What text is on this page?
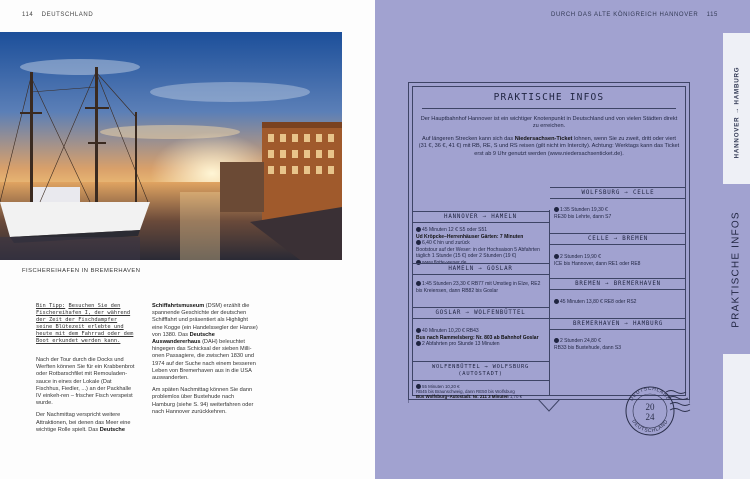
114 DEUTSCHLAND
FISCHEREIHAFEN IN BREMERHAVEN
Bin Tipp: Besuchen Sie den Fischereihafen I, der während der Zeit der Fischdampfer seine Blütezeit erlebte und heute mit dem Fahrrad oder dem Boot erkundet werden kann.

Nach der Tour durch die Docks und Werften können Sie für ein Krabbenbrot oder Rotbarschfilet mit Remouladen-sauce in eines der Lokale (Dat Fischhus, Fiedler, ...) an der Packhalle IV einkeh-ren – frischer Fisch verspeist wurde.

Der Nachmittag verspricht weitere Attraktionen, bei denen das Meer eine wichtige Rolle spielt. Das Deutsche

Schiffahrtsmuseum (DSM) erzählt die spannende Geschichte der deutschen Schifffahrt und präsentiert als Highlight eine Kogge (ein Handelssegler der Hanse) von 1380. Das Deutsche Auswandererhaus (DAH) beleuchtet hingegen das Schicksal der sieben Milli-onen Passagiere, die zwischen 1830 und 1974 auf der Suche nach einem besseren Leben von Bremerhaven aus in die USA auswanderten.

Am späten Nachmittag können Sie dann problemlos über Buxtehude nach Hamburg (siehe S. 94) weiterfahren oder nach Hannover zurückkehren.

DURCH DAS ALTE KÖNIGREICH HANNOVER 115
HANNOVER → HAMBURG
PRAKTISCHE INFOS
PRAKTISCHE INFOS

Der Hauptbahnhof Hannover ist ein wichtiger Knotenpunkt in Deutschland und von vielen Städten direkt zu erreichen.

Auf längeren Strecken kann sich das Niedersachsen-Ticket lohnen, wenn Sie zu zweit, dritt oder viert (31 €, 36 €, 41 €) mit RB, RE, S und RS reisen (gilt nicht im Intercity). Achtung: Werktags kann das Ticket erst ab 9 Uhr genutzt werden (www.niedersachsenticket.de).

HANNOVER → HAMELN
45 Minuten 12 € S5 oder S51
Ud Kröpcke–Herrenhäuser Gärten: 7 Minuten
6,40 € hin und zurück
Bootstour auf der Weser: in der Hochsaison 5 Abfahrten täglich 1 Stunde (15 €) oder 2 Stunden (19 €)
www.flotte-weser.de
HAMELN → GOSLAR
1:45 Stunden 23,30 € RB77 mit Umstieg in Elze, RE2 bis Kreiensen, dann RB82 bis Goslar
GOSLAR → WOLFENBÜTTEL
40 Minuten 10,20 € RB43
Bus nach Rammelsberg: Nr. 803 ab Bahnhof Goslar
2 Abfahrten pro Stunde 13 Minuten
WOLFENBÜTTEL → WOLFSBURG (AUTOSTADT)
55 Minuten 10,20 €
RB45 bis Braunschweig, dann RE50 bis Wolfsburg
Bus Wolfsburg–Autostadt: Nr. 211 3 Minuten 1,70 €
WOLFSBURG → CELLE
1:35 Stunden 19,30 €
RE30 bis Lehrte, dann S7
CELLE → BREMEN
2 Stunden 19,90 €
ICE bis Hannover, dann RE1 oder RE8
BREMEN → BREMERHAVEN
45 Minuten 13,80 € RE8 oder RS2
BREMERHAVEN → HAMBURG
2 Stunden 24,80 €
RB33 bis Buxtehude, dann S3
DEUTSCHLAND
DEUTSCHLAND
20
24
